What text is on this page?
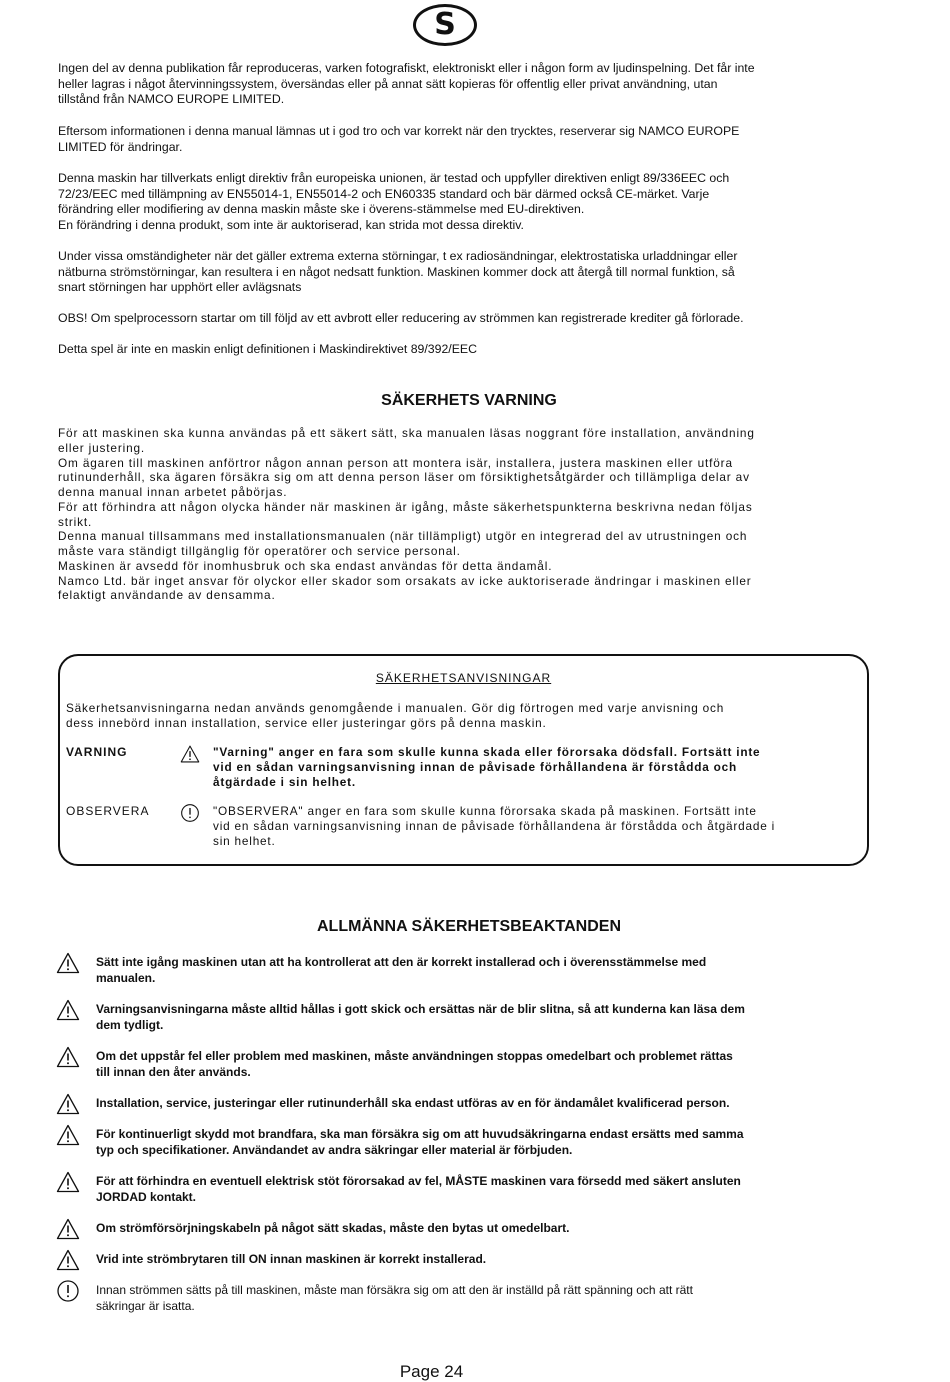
S
Ingen del av denna publikation får reproduceras, varken fotografiskt, elektroniskt eller i någon form av ljudinspelning. Det får inte
heller lagras i något återvinningssystem, översändas eller på annat sätt kopieras för offentlig eller privat användning, utan
tillstånd från NAMCO EUROPE LIMITED.
Eftersom informationen i denna manual lämnas ut i god tro och var korrekt när den trycktes, reserverar sig NAMCO EUROPE
LIMITED för ändringar.
Denna maskin har tillverkats enligt direktiv från europeiska unionen, är testad och uppfyller direktiven enligt 89/336EEC och
72/23/EEC med tillämpning av EN55014-1, EN55014-2 och EN60335 standard och bär därmed också CE-märket. Varje
förändring eller modifiering av denna maskin måste ske i överens-stämmelse med EU-direktiven.
En förändring i denna produkt, som inte är auktoriserad, kan strida mot dessa direktiv.
Under vissa omständigheter när det gäller extrema externa störningar, t ex radiosändningar, elektrostatiska urladdningar eller
nätburna strömstörningar, kan resultera i en något nedsatt funktion. Maskinen kommer dock att återgå till normal funktion, så
snart störningen har upphört eller avlägsnats
OBS! Om spelprocessorn startar om till följd av ett avbrott eller reducering av strömmen kan registrerade krediter gå förlorade.
Detta spel är inte en maskin enligt definitionen i Maskindirektivet 89/392/EEC
SÄKERHETS VARNING
För att maskinen ska kunna användas på ett säkert sätt, ska manualen läsas noggrant före installation, användning
eller justering.
Om ägaren till maskinen anförtror någon annan person att montera isär, installera, justera maskinen eller utföra
rutinunderhåll, ska ägaren försäkra sig om att denna person läser om försiktighetsåtgärder och tillämpliga delar av
denna manual innan arbetet påbörjas.
För att förhindra att någon olycka händer när maskinen är igång, måste säkerhetspunkterna beskrivna nedan följas
strikt.
Denna manual tillsammans med installationsmanualen (när tillämpligt) utgör en integrerad del av utrustningen och
måste vara ständigt tillgänglig för operatörer och service personal.
Maskinen är avsedd för inomhusbruk och ska endast användas för detta ändamål.
Namco Ltd. bär inget ansvar för olyckor eller skador som orsakats av icke auktoriserade ändringar i maskinen eller
felaktigt användande av densamma.
SÄKERHETSANVISNINGAR
Säkerhetsanvisningarna nedan används genomgående i manualen. Gör dig förtrogen med varje anvisning och
dess innebörd innan installation, service eller justeringar görs på denna maskin.
VARNING	"Varning" anger en fara som skulle kunna skada eller förorsaka dödsfall. Fortsätt inte
vid en sådan varningsanvisning innan de påvisade förhållandena är förstådda och
åtgärdade i sin helhet.
OBSERVERA	"OBSERVERA" anger en fara som skulle kunna förorsaka skada på maskinen. Fortsätt inte
vid en sådan varningsanvisning innan de påvisade förhållandena är förstådda och åtgärdade i
sin helhet.
ALLMÄNNA SÄKERHETSBEAKTANDEN
Sätt inte igång maskinen utan att ha kontrollerat att den är korrekt installerad och i överensstämmelse med
manualen.
Varningsanvisningarna måste alltid hållas i gott skick och ersättas när de blir slitna, så att kunderna kan läsa dem
dem tydligt.
Om det uppstår fel eller problem med maskinen, måste användningen stoppas omedelbart och problemet rättas
till innan den åter används.
Installation, service, justeringar eller rutinunderhåll ska endast utföras av en för ändamålet kvalificerad person.
För kontinuerligt skydd mot brandfara, ska man försäkra sig om att huvudsäkringarna endast ersätts med samma
typ och specifikationer. Användandet av andra säkringar eller material är förbjuden.
För att förhindra en eventuell elektrisk stöt förorsakad av fel, MÅSTE maskinen vara försedd med säkert ansluten
JORDAD kontakt.
Om strömförsörjningskabeln på något sätt skadas, måste den bytas ut omedelbart.
Vrid inte strömbrytaren till ON innan maskinen är korrekt installerad.
Innan strömmen sätts på till maskinen, måste man försäkra sig om att den är inställd på rätt spänning och att rätt
säkringar är isatta.
Page 24
